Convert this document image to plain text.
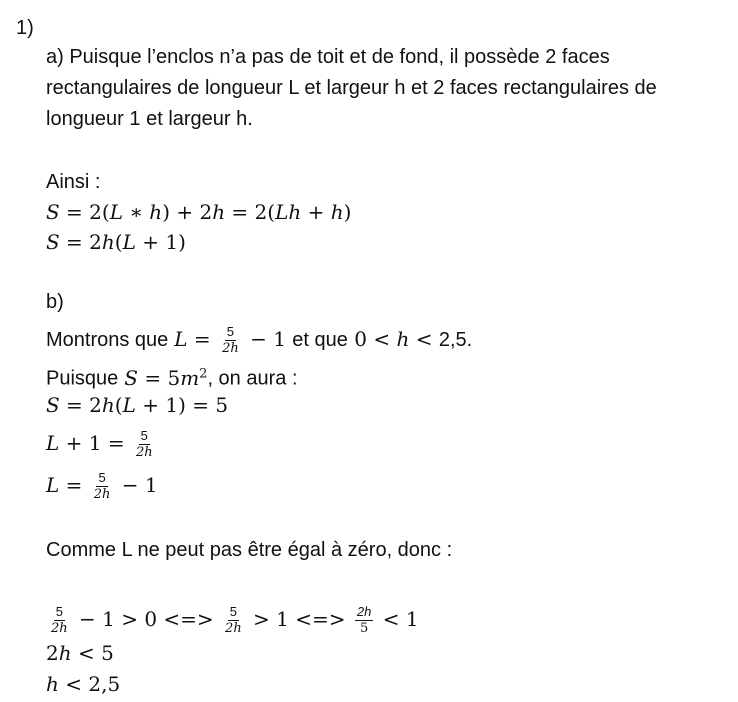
1)
a) Puisque l’enclos n’a pas de toit et de fond, il possède 2 faces
rectangulaires de longueur L et largeur h et 2 faces rectangulaires de
longueur 1 et largeur h.
Ainsi :
S = 2(L ∗ h) + 2h = 2(Lh + h)
S = 2h(L + 1)
b)
Montrons que $L = \frac{5}{2h} - 1$ et que 0 < h < 2,5.
Puisque $S = 5m^2$, on aura :
S = 2h(L + 1) = 5
$L + 1 = \frac{5}{2h}$
$L = \frac{5}{2h} - 1$
Comme L ne peut pas être égal à zéro, donc :
$\frac{5}{2h} - 1 > 0$ <=> $\frac{5}{2h} > 1$ <=> $\frac{2h}{5} < 1$
2h < 5
h < 2,5
